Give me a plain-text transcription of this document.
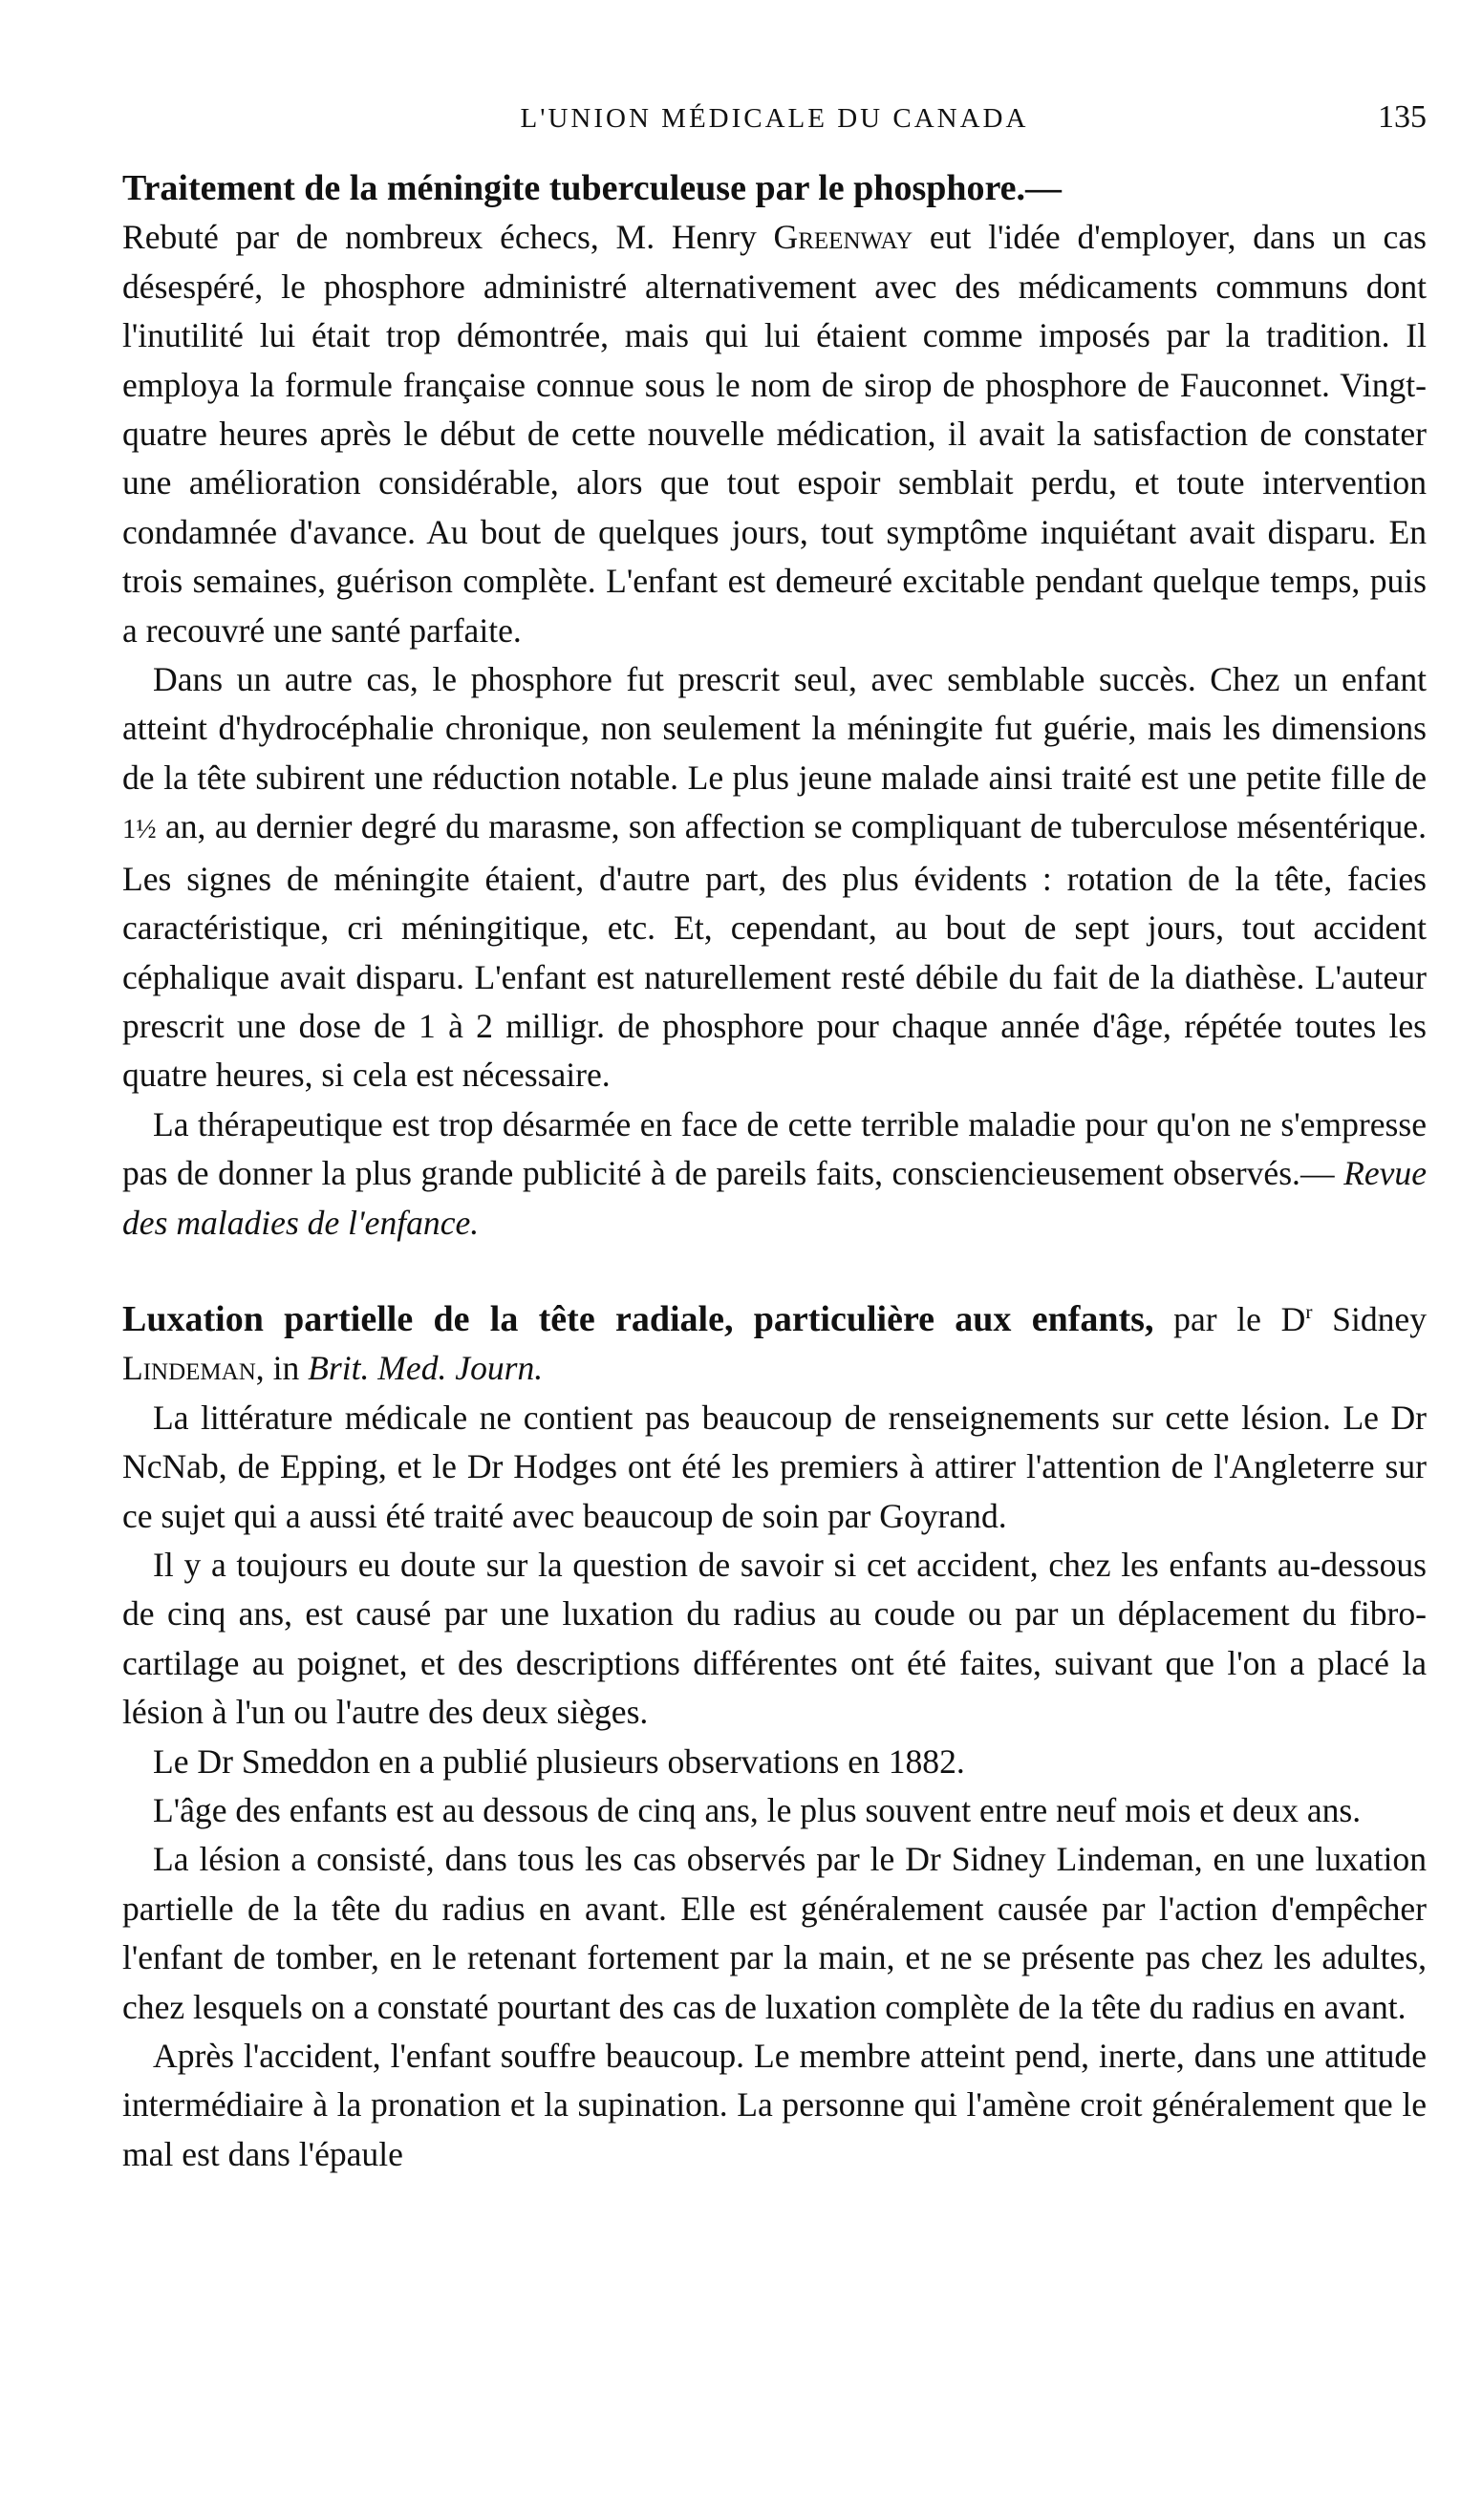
L'UNION MÉDICALE DU CANADA	135

Traitement de la méningite tuberculeuse par le phosphore.—
Rebuté par de nombreux échecs, M. Henry Greenway eut l'idée d'employer, dans un cas désespéré, le phosphore administré alternativement avec des médicaments communs dont l'inutilité lui était trop démontrée, mais qui lui étaient comme imposés par la tradition. Il employa la formule française connue sous le nom de sirop de phosphore de Fauconnet. Vingt-quatre heures après le début de cette nouvelle médication, il avait la satisfaction de constater une amélioration considérable, alors que tout espoir semblait perdu, et toute intervention condamnée d'avance. Au bout de quelques jours, tout symptôme inquiétant avait disparu. En trois semaines, guérison complète. L'enfant est demeuré excitable pendant quelque temps, puis a recouvré une santé parfaite.

Dans un autre cas, le phosphore fut prescrit seul, avec semblable succès. Chez un enfant atteint d'hydrocéphalie chronique, non seulement la méningite fut guérie, mais les dimensions de la tête subirent une réduction notable. Le plus jeune malade ainsi traité est une petite fille de 1½ an, au dernier degré du marasme, son affection se compliquant de tuberculose mésentérique. Les signes de méningite étaient, d'autre part, des plus évidents : rotation de la tête, facies caractéristique, cri méningitique, etc. Et, cependant, au bout de sept jours, tout accident céphalique avait disparu. L'enfant est naturellement resté débile du fait de la diathèse. L'auteur prescrit une dose de 1 à 2 milligr. de phosphore pour chaque année d'âge, répétée toutes les quatre heures, si cela est nécessaire.

La thérapeutique est trop désarmée en face de cette terrible maladie pour qu'on ne s'empresse pas de donner la plus grande publicité à de pareils faits, consciencieusement observés.— Revue des maladies de l'enfance.

Luxation partielle de la tête radiale, particulière aux enfants, par le $D^r$ Sidney Lindeman, in Brit. Med. Journ.

La littérature médicale ne contient pas beaucoup de renseignements sur cette lésion. Le Dr NcNab, de Epping, et le Dr Hodges ont été les premiers à attirer l'attention de l'Angleterre sur ce sujet qui a aussi été traité avec beaucoup de soin par Goyrand.

Il y a toujours eu doute sur la question de savoir si cet accident, chez les enfants au-dessous de cinq ans, est causé par une luxation du radius au coude ou par un déplacement du fibro-cartilage au poignet, et des descriptions différentes ont été faites, suivant que l'on a placé la lésion à l'un ou l'autre des deux sièges.

Le Dr Smeddon en a publié plusieurs observations en 1882.

L'âge des enfants est au dessous de cinq ans, le plus souvent entre neuf mois et deux ans.

La lésion a consisté, dans tous les cas observés par le Dr Sidney Lindeman, en une luxation partielle de la tête du radius en avant. Elle est généralement causée par l'action d'empêcher l'enfant de tomber, en le retenant fortement par la main, et ne se présente pas chez les adultes, chez lesquels on a constaté pourtant des cas de luxation complète de la tête du radius en avant.

Après l'accident, l'enfant souffre beaucoup. Le membre atteint pend, inerte, dans une attitude intermédiaire à la pronation et la supination. La personne qui l'amène croit généralement que le mal est dans l'épaule
